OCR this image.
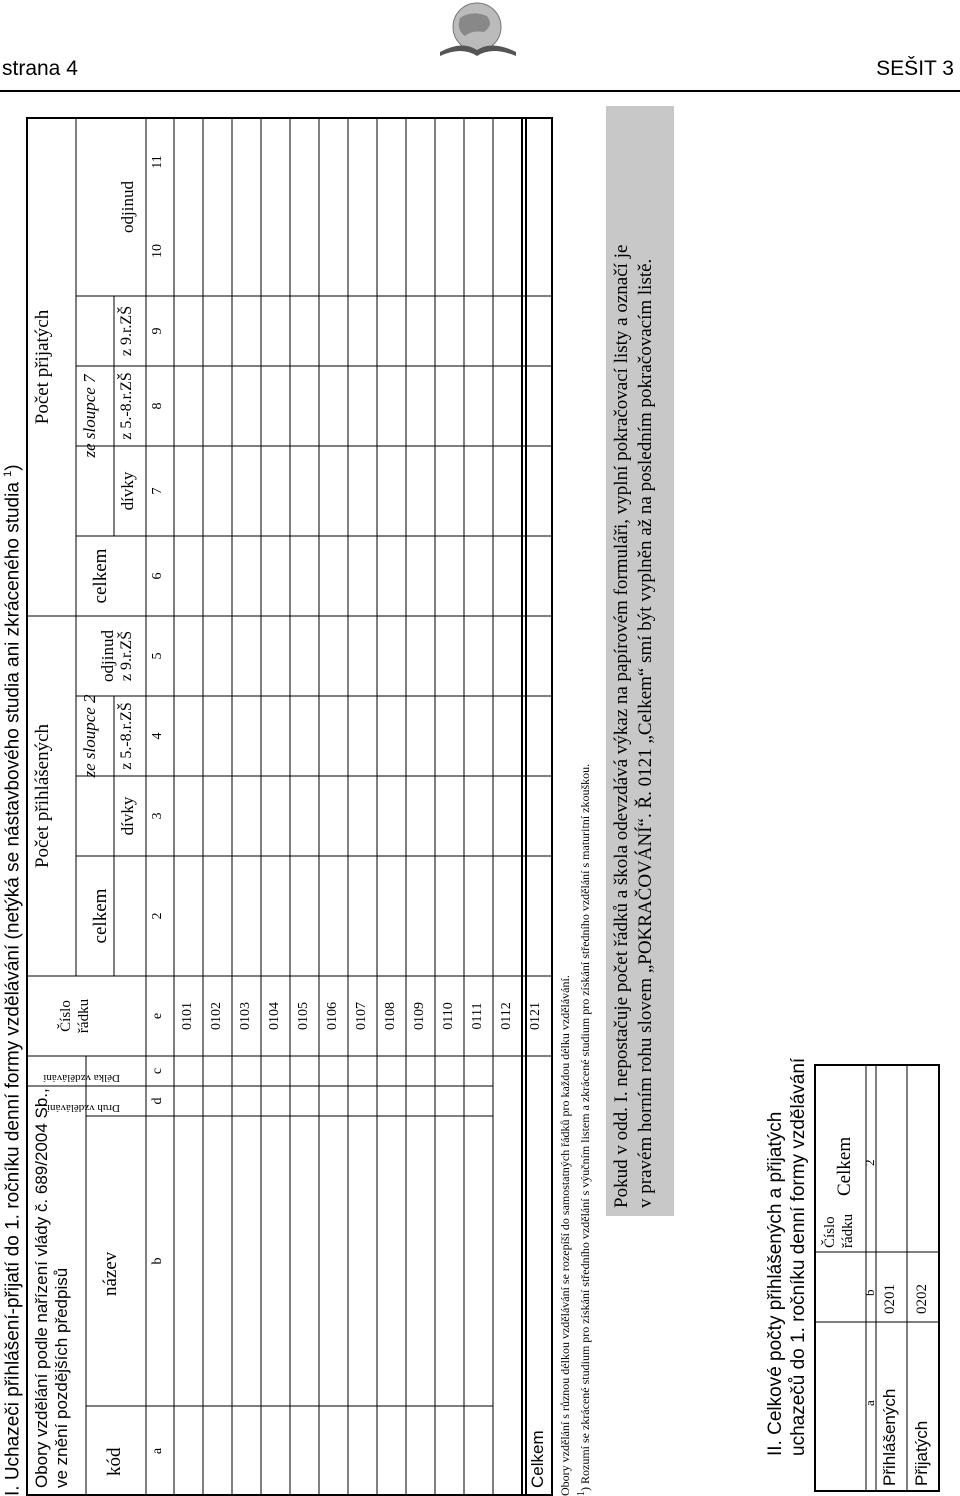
strana 4	SEŠIT 3
I. Uchazeči přihlášení-přijatí do 1. ročníku denní formy vzdělávání (netýká se nástavbového studia ani zkráceného studia $^1$)
Obory vzdělání podle nařízení vlády č. 689/2004 Sb., ve znění pozdějších předpisů kód
název
Délka vzdělávání
Druh vzdělávání
Číslo řádku
Počet přihlášených
Počet přijatých
celkem
ze sloupce 2
celkem
ze sloupce 7
dívky
z 5.-8.r.ZŠ
z 9.r.ZŠ
odjinud
dívky
z 5.-8.r.ZŠ
z 9.r.ZŠ
odjinud
a
b
c
d
e
2
3
4
5
6
7
8
9
10
11
0101 0102 0103 0104 0105 0106 0107 0108 0109 0110 0111 0112
Celkem
0121 Obory vzdělání s různou délkou vzdělávání se rozepíší do samostatných řádků pro každou délku vzdělávání. $^1$) Rozumí se zkrácené studium pro získání středního vzdělání s výučním listem a zkrácené studium pro získání středního vzdělání s maturitní zkouškou. Pokud v odd. I. nepostačuje počet řádků a škola odevzdává výkaz na papírovém formuláři, vyplní pokračovací listy a označí je v pravém horním rohu slovem „POKRAČOVÁNÍ“. Ř. 0121 „Celkem“ smí být vyplněn až na posledním pokračovacím listě.
II. Celkové počty přihlášených a přijatých uchazečů do 1. ročníku denní formy vzdělávání Číslo řádku
Celkem
a
b
2
Přihlášených
0201
Přijatých
0202
